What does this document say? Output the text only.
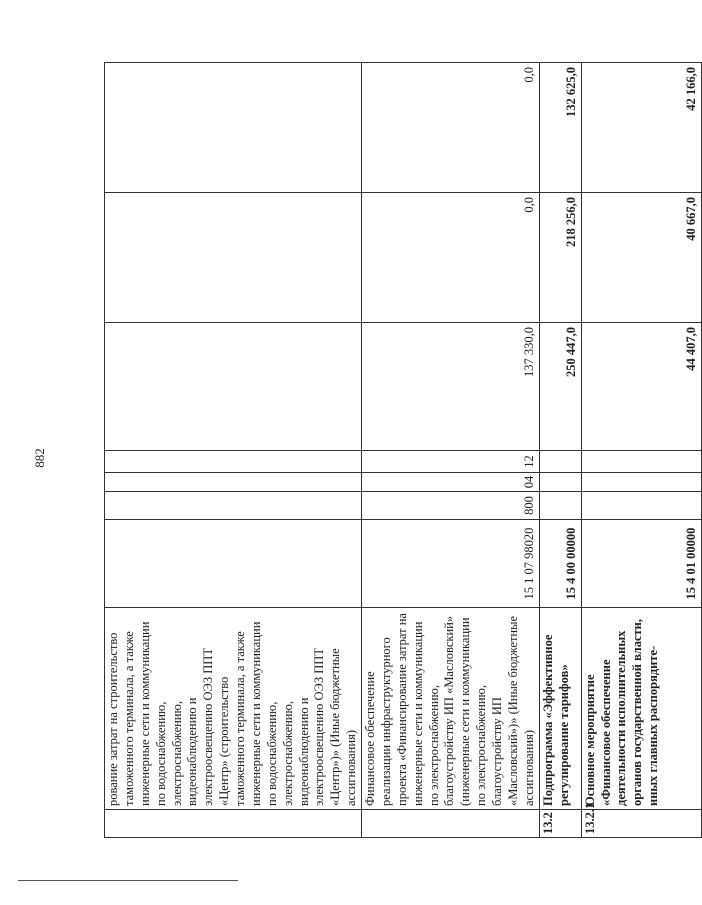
882
	рование затрат на строительство таможенного терминала, а также инженерные сети и коммуникации по водоснабжению, электроснабжению, видеонаблюдению и электроосвещению ОЭЗ ППТ «Центр» (строительство таможенного терминала, а также инженерные сети и коммуникации по водоснабжению, электроснабжению, видеонаблюдению и электроосвещению ОЭЗ ППТ «Центр»)» (Иные бюджетные ассигнования)							
	Финансовое обеспечение реализации инфраструктурного проекта «Финансирование затрат на инженерные сети и коммуникации по электроснабжению, благоустройству ИП «Масловский» (инженерные сети и коммуникации по электроснабжению, благоустройству ИП «Масловский»)» (Иные бюджетные ассигнования)	15 1 07 98020	800	04	12	137 330,0	0,0	0,0
13.2	Подпрограмма «Эффективное регулирование тарифов»	15 4 00 00000				250 447,0	218 256,0	132 625,0
13.2.1	Основное мероприятие «Финансовое обеспечение деятельности исполнительных органов государственной власти, иных главных распорядите-	15 4 01 00000				44 407,0	40 667,0	42 166,0
